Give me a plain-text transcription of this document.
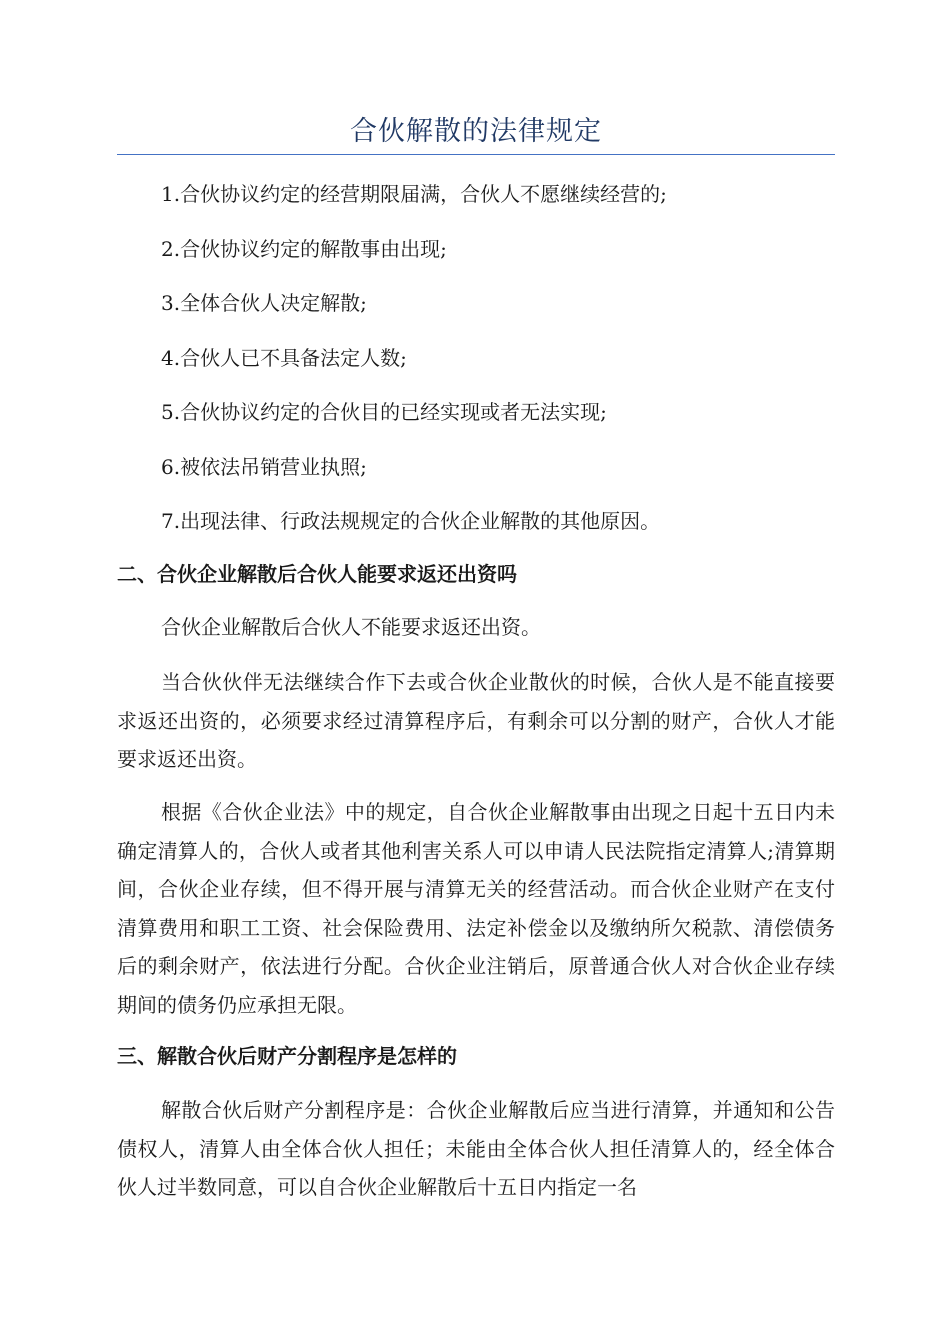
合伙解散的法律规定
1.合伙协议约定的经营期限届满，合伙人不愿继续经营的;
2.合伙协议约定的解散事由出现;
3.全体合伙人决定解散;
4.合伙人已不具备法定人数;
5.合伙协议约定的合伙目的已经实现或者无法实现;
6.被依法吊销营业执照;
7.出现法律、行政法规规定的合伙企业解散的其他原因。
二、合伙企业解散后合伙人能要求返还出资吗

合伙企业解散后合伙人不能要求返还出资。

当合伙伙伴无法继续合作下去或合伙企业散伙的时候，合伙人是不能直接要求返还出资的，必须要求经过清算程序后，有剩余可以分割的财产，合伙人才能要求返还出资。

根据《合伙企业法》中的规定，自合伙企业解散事由出现之日起十五日内未确定清算人的，合伙人或者其他利害关系人可以申请人民法院指定清算人;清算期间，合伙企业存续，但不得开展与清算无关的经营活动。而合伙企业财产在支付清算费用和职工工资、社会保险费用、法定补偿金以及缴纳所欠税款、清偿债务后的剩余财产，依法进行分配。合伙企业注销后，原普通合伙人对合伙企业存续期间的债务仍应承担无限。

三、解散合伙后财产分割程序是怎样的

解散合伙后财产分割程序是：合伙企业解散后应当进行清算，并通知和公告债权人，清算人由全体合伙人担任；未能由全体合伙人担任清算人的，经全体合伙人过半数同意，可以自合伙企业解散后十五日内指定一名
